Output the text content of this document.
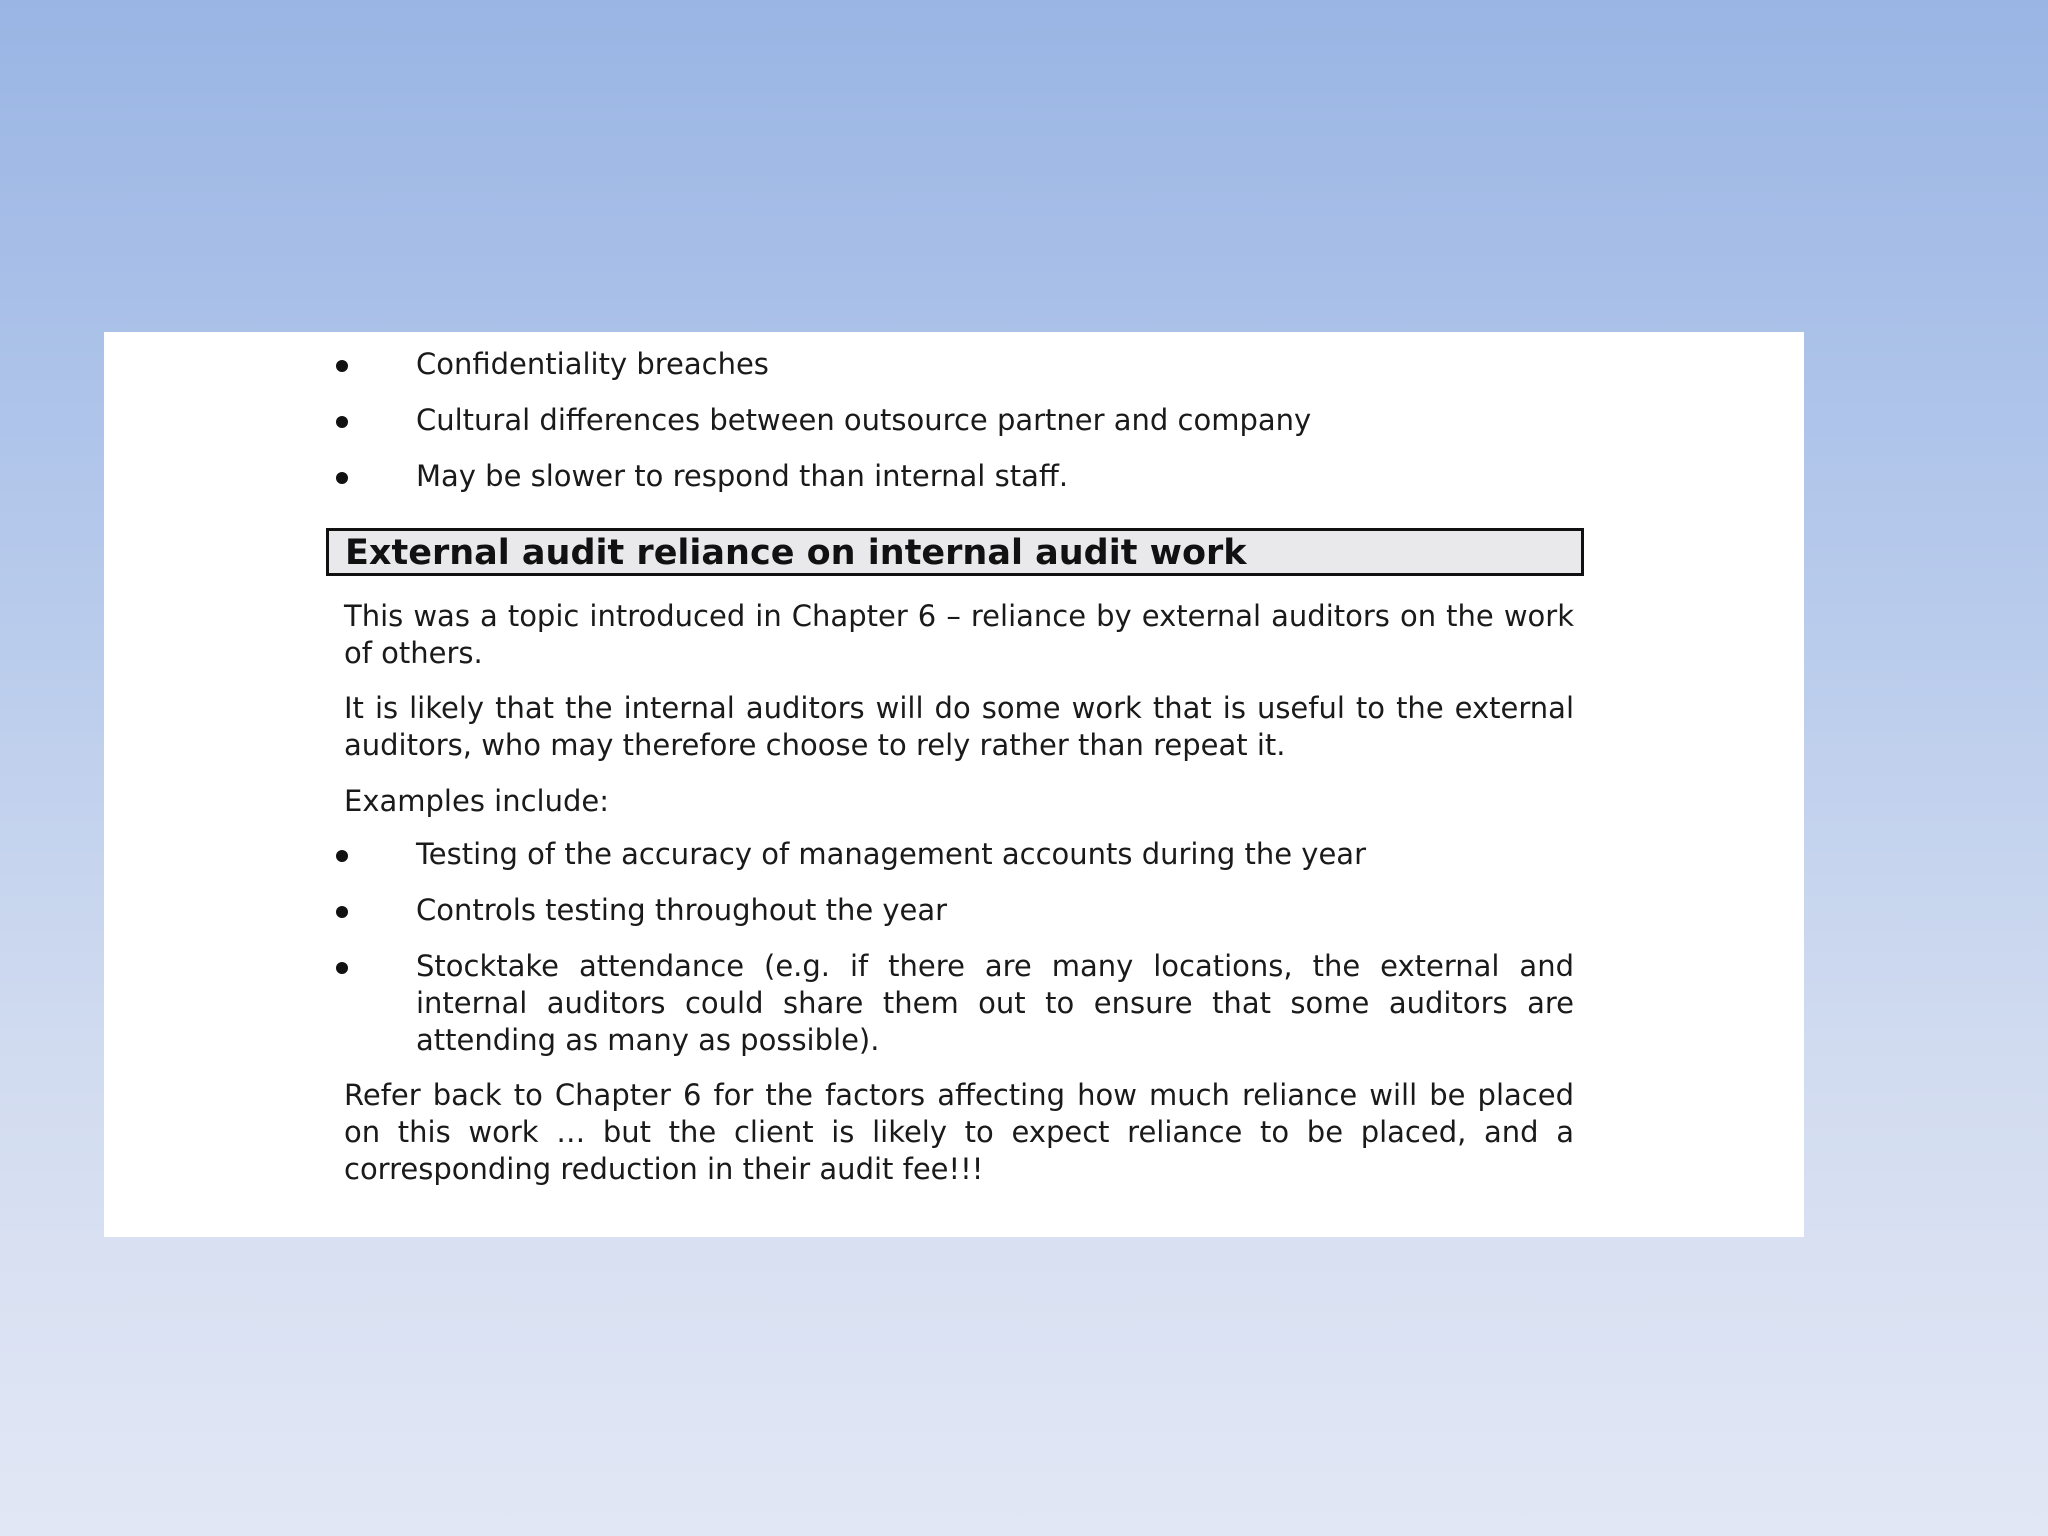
Confidentiality breaches
Cultural differences between outsource partner and company
May be slower to respond than internal staff.
External audit reliance on internal audit work

This was a topic introduced in Chapter 6 – reliance by external auditors on the work of others.

It is likely that the internal auditors will do some work that is useful to the external auditors, who may therefore choose to rely rather than repeat it.

Examples include:

Testing of the accuracy of management accounts during the year
Controls testing throughout the year
Stocktake attendance (e.g. if there are many locations, the external and internal auditors could share them out to ensure that some auditors are attending as many as possible).

Refer back to Chapter 6 for the factors affecting how much reliance will be placed on this work … but the client is likely to expect reliance to be placed, and a corresponding reduction in their audit fee!!!
